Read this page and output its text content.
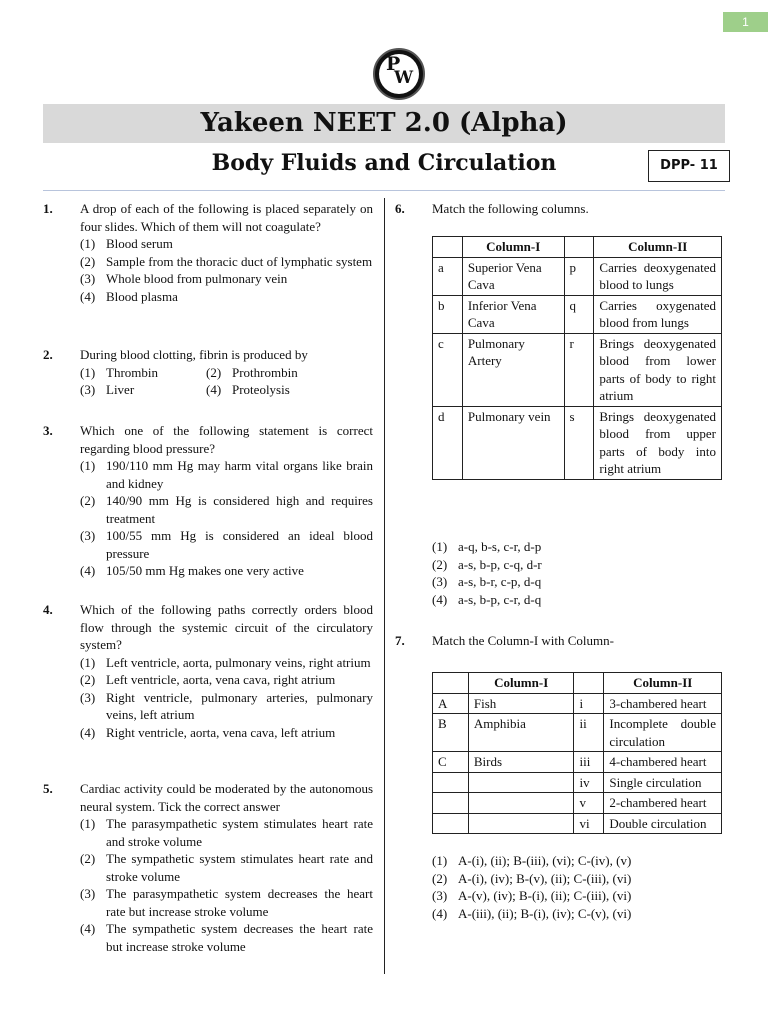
1
P
W
Yakeen NEET 2.0 (Alpha)
Body Fluids and Circulation	DPP- 11
1. A drop of each of the following is placed separately on four slides. Which of them will not coagulate?
(1) Blood serum
(2) Sample from the thoracic duct of lymphatic system
(3) Whole blood from pulmonary vein
(4) Blood plasma
2. During blood clotting, fibrin is produced by
(1) Thrombin	(2) Prothrombin
(3) Liver	(4) Proteolysis
3. Which one of the following statement is correct regarding blood pressure?
(1) 190/110 mm Hg may harm vital organs like brain and kidney
(2) 140/90 mm Hg is considered high and requires treatment
(3) 100/55 mm Hg is considered an ideal blood pressure
(4) 105/50 mm Hg makes one very active
4. Which of the following paths correctly orders blood flow through the systemic circuit of the circulatory system?
(1) Left ventricle, aorta, pulmonary veins, right atrium
(2) Left ventricle, aorta, vena cava, right atrium
(3) Right ventricle, pulmonary arteries, pulmonary veins, left atrium
(4) Right ventricle, aorta, vena cava, left atrium
5. Cardiac activity could be moderated by the autonomous neural system. Tick the correct answer
(1) The parasympathetic system stimulates heart rate and stroke volume
(2) The sympathetic system stimulates heart rate and stroke volume
(3) The parasympathetic system decreases the heart rate but increase stroke volume
(4) The sympathetic system decreases the heart rate but increase stroke volume
6. Match the following columns.
	Column-I		Column-II
a	Superior Vena Cava	p	Carries deoxygenated blood to lungs
b	Inferior Vena Cava	q	Carries oxygenated blood from lungs
c	Pulmonary Artery	r	Brings deoxygenated blood from lower parts of body to right atrium
d	Pulmonary vein	s	Brings deoxygenated blood from upper parts of body into right atrium
(1) a-q, b-s, c-r, d-p
(2) a-s, b-p, c-q, d-r
(3) a-s, b-r, c-p, d-q
(4) a-s, b-p, c-r, d-q
7. Match the Column-I with Column-
	Column-I		Column-II
A	Fish	i	3-chambered heart
B	Amphibia	ii	Incomplete double circulation
C	Birds	iii	4-chambered heart
		iv	Single circulation
		v	2-chambered heart
		vi	Double circulation
(1) A-(i), (ii); B-(iii), (vi); C-(iv), (v)
(2) A-(i), (iv); B-(v), (ii); C-(iii), (vi)
(3) A-(v), (iv); B-(i), (ii); C-(iii), (vi)
(4) A-(iii), (ii); B-(i), (iv); C-(v), (vi)
